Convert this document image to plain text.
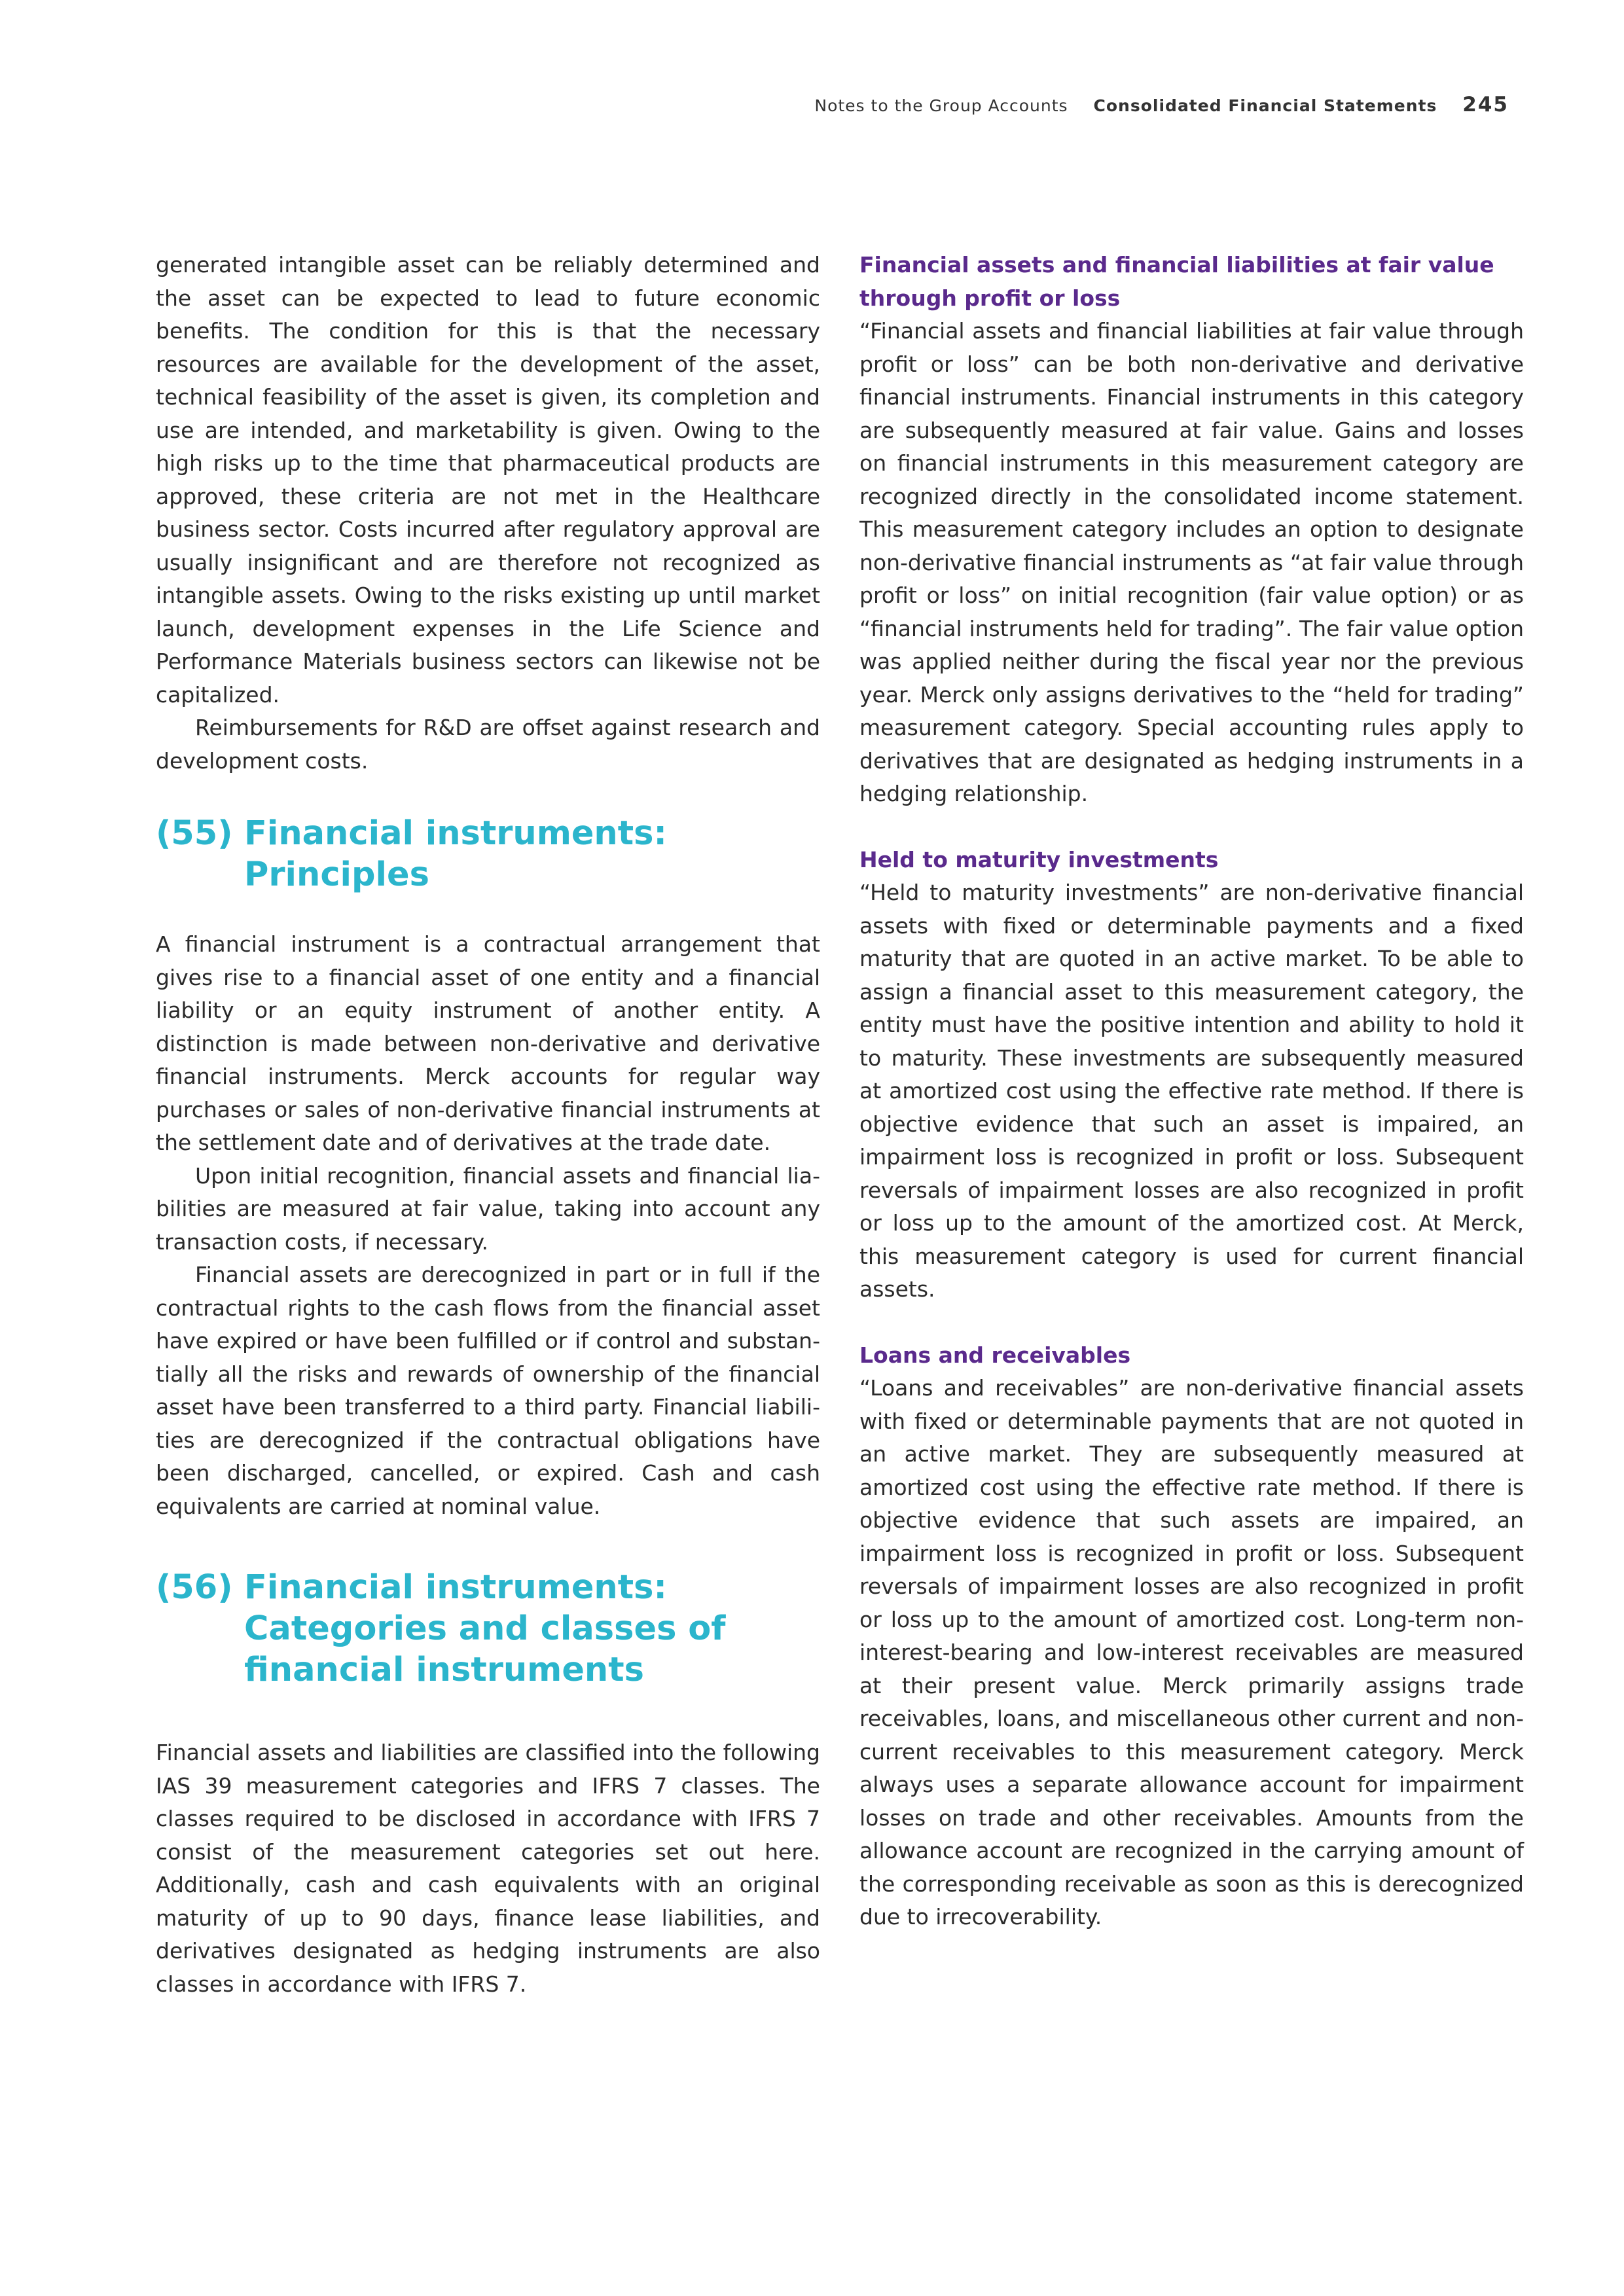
Notes to the Group Accounts Consolidated Financial Statements 245

generated intangible asset can be reliably determined and the asset can be expected to lead to future economic benefits. The condition for this is that the necessary resources are available for the development of the asset, technical feasibility of the asset is given, its completion and use are intended, and marketability is given. Owing to the high risks up to the time that pharmaceutical products are approved, these criteria are not met in the Healthcare business sector. Costs incurred after regulatory approval are usually insignificant and are therefore not recognized as intangible assets. Owing to the risks existing up until market launch, development expenses in the Life Science and Performance Materials business sectors can likewise not be capitalized.

Reimbursements for R&D are offset against research and development costs.

(55) Financial instruments: Principles

A financial instrument is a contractual arrangement that gives rise to a financial asset of one entity and a financial liability or an equity instrument of another entity. A distinction is made between non-derivative and derivative financial instruments. Merck accounts for regular way purchases or sales of non-derivative financial instruments at the settlement date and of derivatives at the trade date.

Upon initial recognition, financial assets and financial liabilities are measured at fair value, taking into account any transaction costs, if necessary.

Financial assets are derecognized in part or in full if the contractual rights to the cash flows from the financial asset have expired or have been fulfilled or if control and substantially all the risks and rewards of ownership of the financial asset have been transferred to a third party. Financial liabilities are derecognized if the contractual obligations have been discharged, cancelled, or expired. Cash and cash equivalents are carried at nominal value.

(56) Financial instruments: Categories and classes of financial instruments

Financial assets and liabilities are classified into the following IAS 39 measurement categories and IFRS 7 classes. The classes required to be disclosed in accordance with IFRS 7 consist of the measurement categories set out here. Additionally, cash and cash equivalents with an original maturity of up to 90 days, finance lease liabilities, and derivatives designated as hedging instruments are also classes in accordance with IFRS 7.

Financial assets and financial liabilities at fair value through profit or loss

“Financial assets and financial liabilities at fair value through profit or loss” can be both non-derivative and derivative financial instruments. Financial instruments in this category are subsequently measured at fair value. Gains and losses on financial instruments in this measurement category are recognized directly in the consolidated income statement. This measurement category includes an option to designate non-derivative financial instruments as “at fair value through profit or loss” on initial recognition (fair value option) or as “financial instruments held for trading”. The fair value option was applied neither during the fiscal year nor the previous year. Merck only assigns derivatives to the “held for trading” measurement category. Special accounting rules apply to derivatives that are designated as hedging instruments in a hedging relationship.

Held to maturity investments

“Held to maturity investments” are non-derivative financial assets with fixed or determinable payments and a fixed maturity that are quoted in an active market. To be able to assign a financial asset to this measurement category, the entity must have the positive intention and ability to hold it to maturity. These investments are subsequently measured at amortized cost using the effective rate method. If there is objective evidence that such an asset is impaired, an impairment loss is recognized in profit or loss. Subsequent reversals of impairment losses are also recognized in profit or loss up to the amount of the amortized cost. At Merck, this measurement category is used for current financial assets.

Loans and receivables

“Loans and receivables” are non-derivative financial assets with fixed or determinable payments that are not quoted in an active market. They are subsequently measured at amortized cost using the effective rate method. If there is objective evidence that such assets are impaired, an impairment loss is recognized in profit or loss. Subsequent reversals of impairment losses are also recognized in profit or loss up to the amount of amortized cost. Long-term non-interest-bearing and low-interest receivables are measured at their present value. Merck primarily assigns trade receivables, loans, and miscellaneous other current and non-current receivables to this measurement category. Merck always uses a separate allowance account for impairment losses on trade and other receivables. Amounts from the allowance account are recognized in the carrying amount of the corresponding receivable as soon as this is derecognized due to irrecoverability.
